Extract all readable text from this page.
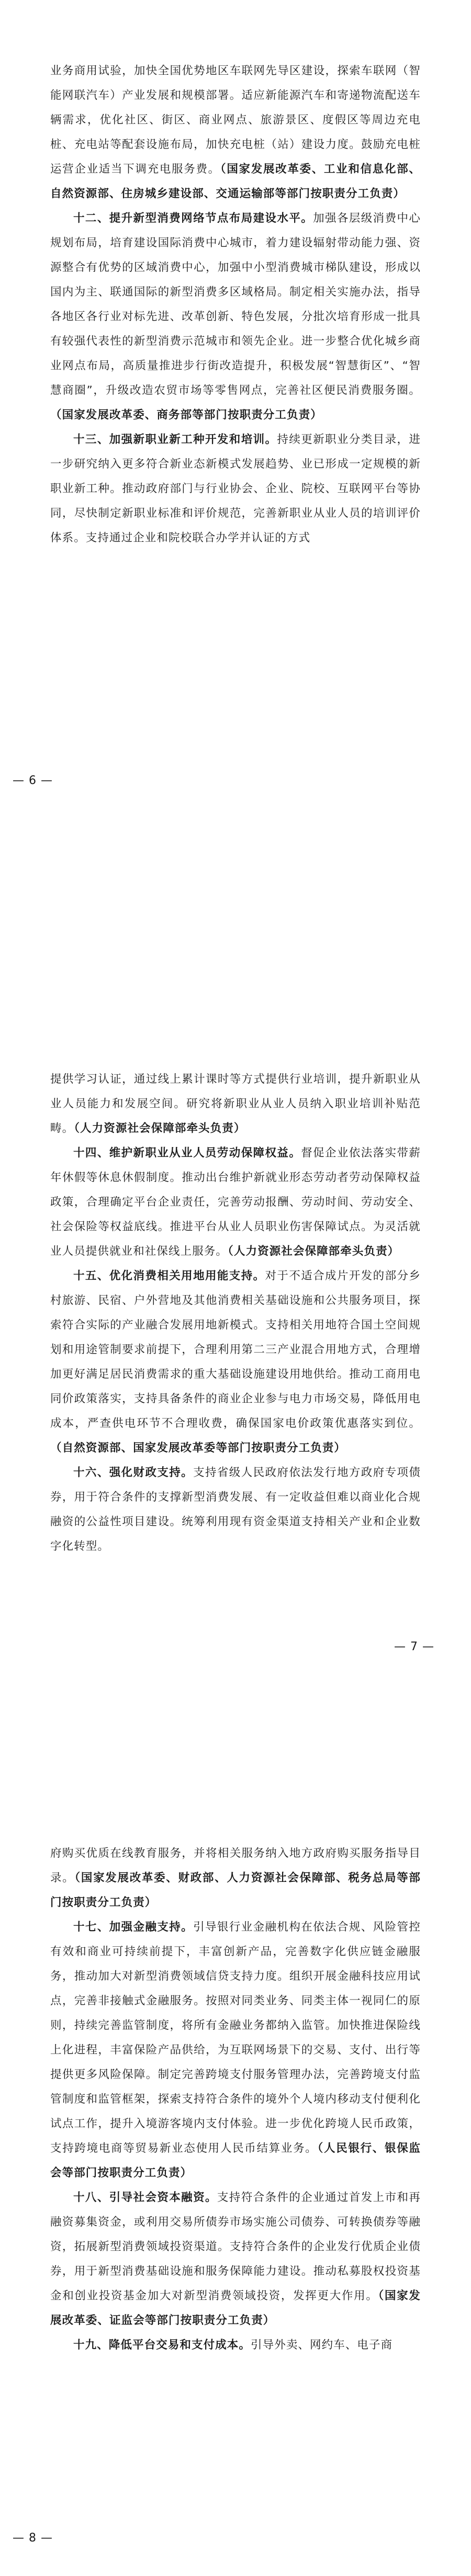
业务商用试验，加快全国优势地区车联网先导区建设，探索车联网（智能网联汽车）产业发展和规模部署。适应新能源汽车和寄递物流配送车辆需求，优化社区、街区、商业网点、旅游景区、度假区等周边充电桩、充电站等配套设施布局，加快充电桩（站）建设力度。鼓励充电桩运营企业适当下调充电服务费。（国家发展改革委、工业和信息化部、自然资源部、住房城乡建设部、交通运输部等部门按职责分工负责）

十二、提升新型消费网络节点布局建设水平。加强各层级消费中心规划布局，培育建设国际消费中心城市，着力建设辐射带动能力强、资源整合有优势的区域消费中心，加强中小型消费城市梯队建设，形成以国内为主、联通国际的新型消费多区域格局。制定相关实施办法，指导各地区各行业对标先进、改革创新、特色发展，分批次培育形成一批具有较强代表性的新型消费示范城市和领先企业。进一步整合优化城乡商业网点布局，高质量推进步行街改造提升，积极发展“智慧街区”、“智慧商圈”，升级改造农贸市场等零售网点，完善社区便民消费服务圈。（国家发展改革委、商务部等部门按职责分工负责）

十三、加强新职业新工种开发和培训。持续更新职业分类目录，进一步研究纳入更多符合新业态新模式发展趋势、业已形成一定规模的新职业新工种。推动政府部门与行业协会、企业、院校、互联网平台等协同，尽快制定新职业标准和评价规范，完善新职业从业人员的培训评价体系。支持通过企业和院校联合办学并认证的方式

— 6 —

提供学习认证，通过线上累计课时等方式提供行业培训，提升新职业从业人员能力和发展空间。研究将新职业从业人员纳入职业培训补贴范畴。（人力资源社会保障部牵头负责）

十四、维护新职业从业人员劳动保障权益。督促企业依法落实带薪年休假等休息休假制度。推动出台维护新就业形态劳动者劳动保障权益政策，合理确定平台企业责任，完善劳动报酬、劳动时间、劳动安全、社会保险等权益底线。推进平台从业人员职业伤害保障试点。为灵活就业人员提供就业和社保线上服务。（人力资源社会保障部牵头负责）

十五、优化消费相关用地用能支持。对于不适合成片开发的部分乡村旅游、民宿、户外营地及其他消费相关基础设施和公共服务项目，探索符合实际的产业融合发展用地新模式。支持相关用地符合国土空间规划和用途管制要求前提下，合理利用第二三产业混合用地方式，合理增加更好满足居民消费需求的重大基础设施建设用地供给。推动工商用电同价政策落实，支持具备条件的商业企业参与电力市场交易，降低用电成本，严查供电环节不合理收费，确保国家电价政策优惠落实到位。（自然资源部、国家发展改革委等部门按职责分工负责）

十六、强化财政支持。支持省级人民政府依法发行地方政府专项债券，用于符合条件的支撑新型消费发展、有一定收益但难以商业化合规融资的公益性项目建设。统筹利用现有资金渠道支持相关产业和企业数字化转型。

— 7 —

府购买优质在线教育服务，并将相关服务纳入地方政府购买服务指导目录。（国家发展改革委、财政部、人力资源社会保障部、税务总局等部门按职责分工负责）

十七、加强金融支持。引导银行业金融机构在依法合规、风险管控有效和商业可持续前提下，丰富创新产品，完善数字化供应链金融服务，推动加大对新型消费领域信贷支持力度。组织开展金融科技应用试点，完善非接触式金融服务。按照对同类业务、同类主体一视同仁的原则，持续完善监管制度，将所有金融业务都纳入监管。加快推进保险线上化进程，丰富保险产品供给，为互联网场景下的交易、支付、出行等提供更多风险保障。制定完善跨境支付服务管理办法，完善跨境支付监管制度和监管框架，探索支持符合条件的境外个人境内移动支付便利化试点工作，提升入境游客境内支付体验。进一步优化跨境人民币政策，支持跨境电商等贸易新业态使用人民币结算业务。（人民银行、银保监会等部门按职责分工负责）

十八、引导社会资本融资。支持符合条件的企业通过首发上市和再融资募集资金，或利用交易所债券市场实施公司债券、可转换债券等融资，拓展新型消费领域投资渠道。支持符合条件的企业发行优质企业债券，用于新型消费基础设施和服务保障能力建设。推动私募股权投资基金和创业投资基金加大对新型消费领域投资，发挥更大作用。（国家发展改革委、证监会等部门按职责分工负责）

十九、降低平台交易和支付成本。引导外卖、网约车、电子商

— 8 —
